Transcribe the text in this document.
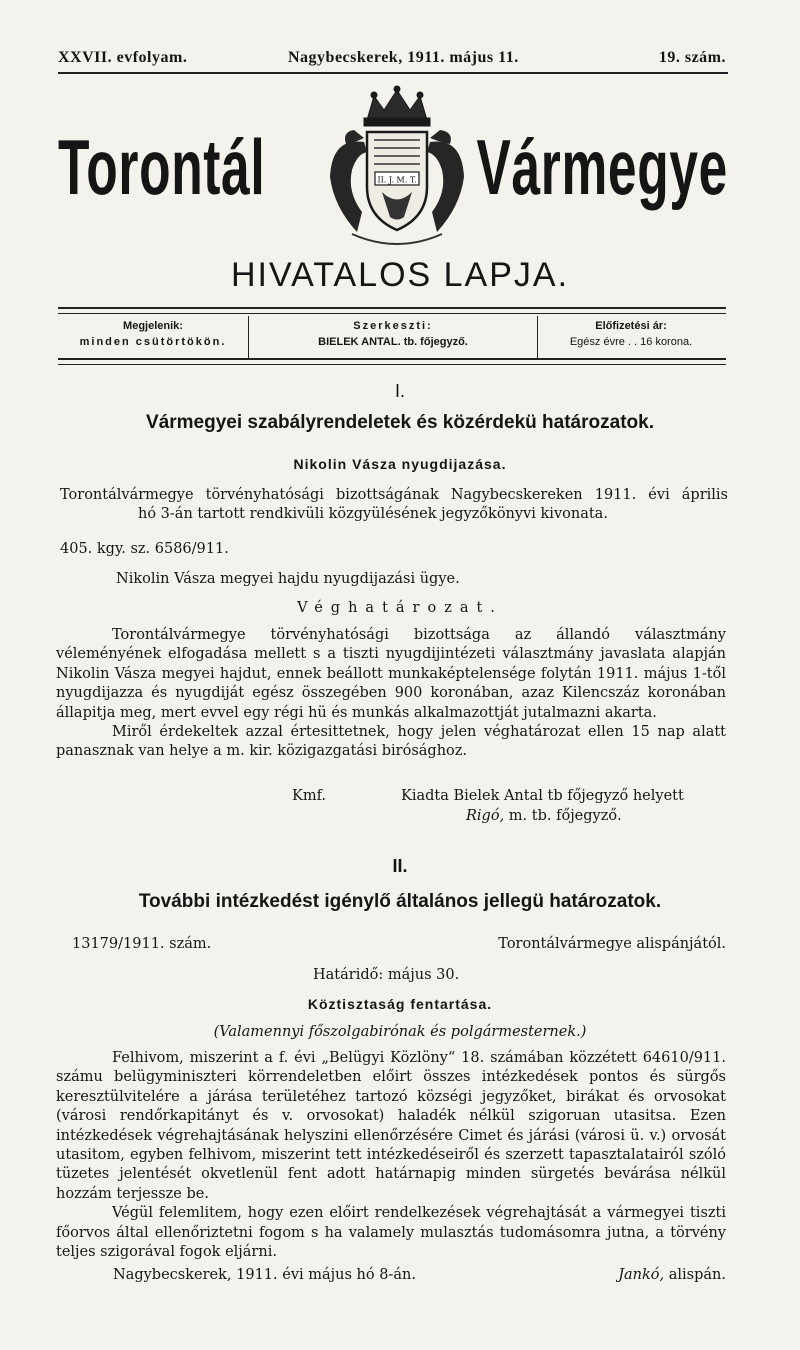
XXVII. evfolyam.	Nagybecskerek, 1911. május 11.	19. szám.
Torontál	Vármegye
II. J. M. T.
HIVATALOS LAPJA.
Megjelenik:
minden csütörtökön.
Szerkeszti:
BIELEK ANTAL. tb. főjegyző.
Előfizetési ár:
Egész évre . . 16 korona.
I.
Vármegyei szabályrendeletek és közérdekü határozatok.
Nikolin Vásza nyugdijazása.
Torontálvármegye törvényhatósági bizottságának Nagybecskereken 1911. évi április
hó 3-án tartott rendkivüli közgyülésének jegyzőkönyvi kivonata.
405. kgy. sz. 6586/911.
Nikolin Vásza megyei hajdu nyugdijazási ügye.
Véghatározat.

Torontálvármegye törvényhatósági bizottsága az állandó választmány véleményének elfogadása mellett s a tiszti nyugdijintézeti választmány javaslata alapján Nikolin Vásza megyei hajdut, ennek beállott munkaképtelensége folytán 1911. május 1-től nyugdijazza és nyugdiját egész összegében 900 koronában, azaz Kilencszáz koronában állapitja meg, mert evvel egy régi hü és munkás alkalmazottját jutalmazni akarta.

Miről érdekeltek azzal értesittetnek, hogy jelen véghatározat ellen 15 nap alatt panasznak van helye a m. kir. közigazgatási birósághoz.

Kmf.	Kiadta Bielek Antal tb főjegyző helyett
Rigó, m. tb. főjegyző.
II.
További intézkedést igénylő általános jellegü határozatok.
13179/1911. szám.	Torontálvármegye alispánjától.
Határidő: május 30.
Köztisztaság fentartása.
(Valamennyi főszolgabirónak és polgármesternek.)

Felhivom, miszerint a f. évi „Belügyi Közlöny“ 18. számában közzétett 64610/911. számu belügyminiszteri körrendeletben előirt összes intézkedések pontos és sürgős keresztülvitelére a járása területéhez tartozó községi jegyzőket, birákat és orvosokat (városi rendőrkapitányt és v. orvosokat) haladék nélkül szigoruan utasitsa. Ezen intézkedések végrehajtásának helyszini ellenőrzésére Cimet és járási (városi ü. v.) orvosát utasitom, egyben felhivom, miszerint tett intézkedéseiről és szerzett tapasztalatairól szóló tüzetes jelentését okvetlenül fent adott határnapig minden sürgetés bevárása nélkül hozzám terjessze be.

Végül felemlitem, hogy ezen előirt rendelkezések végrehajtását a vármegyei tiszti főorvos által ellenőriztetni fogom s ha valamely mulasztás tudomásomra jutna, a törvény teljes szigorával fogok eljárni.

Nagybecskerek, 1911. évi május hó 8-án.	Jankó, alispán.
